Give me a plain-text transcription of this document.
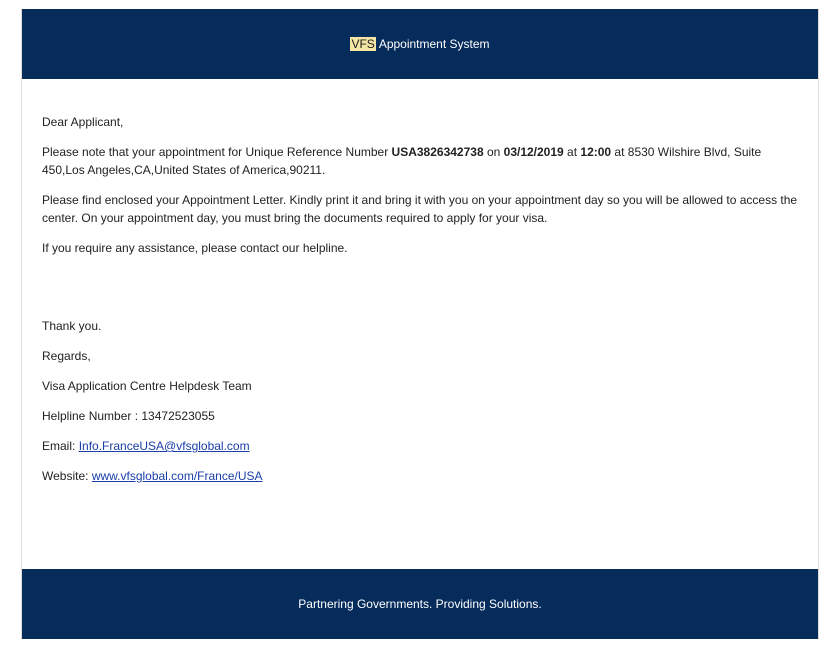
VFS Appointment System

Dear Applicant,

Please note that your appointment for Unique Reference Number USA3826342738 on 03/12/2019 at 12:00 at 8530 Wilshire Blvd, Suite 450,Los Angeles,CA,United States of America,90211.

Please find enclosed your Appointment Letter. Kindly print it and bring it with you on your appointment day so you will be allowed to access the center. On your appointment day, you must bring the documents required to apply for your visa.

If you require any assistance, please contact our helpline.

Thank you.

Regards,

Visa Application Centre Helpdesk Team

Helpline Number : 13472523055

Email: Info.FranceUSA@vfsglobal.com

Website: www.vfsglobal.com/France/USA

Partnering Governments. Providing Solutions.
